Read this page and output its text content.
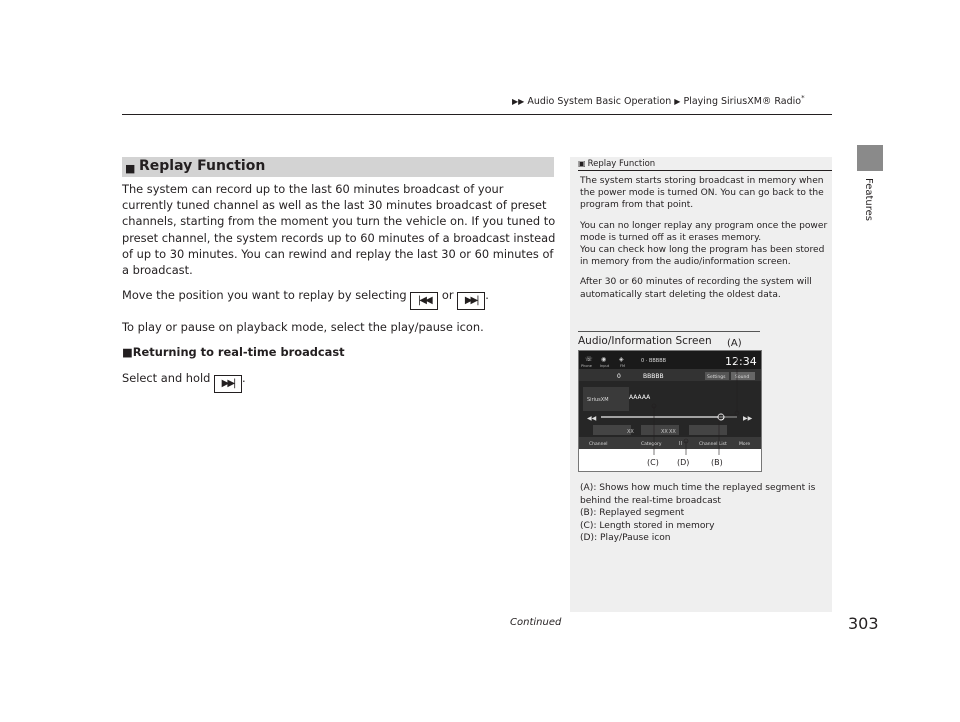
▶▶ Audio System Basic Operation ▶ Playing SiriusXM® Radio*
Features
■ Replay Function

The system can record up to the last 60 minutes broadcast of your currently tuned channel as well as the last 30 minutes broadcast of preset channels, starting from the moment you turn the vehicle on. If you tuned to preset channel, the system records up to 60 minutes of a broadcast instead of up to 30 minutes. You can rewind and replay the last 30 or 60 minutes of a broadcast.

Move the position you want to replay by selecting |◀◀ or ▶▶| .

To play or pause on playback mode, select the play/pause icon.

■Returning to real-time broadcast

Select and hold ▶▶| .

▣ Replay Function

The system starts storing broadcast in memory when the power mode is turned ON. You can go back to the program from that point.

You can no longer replay any program once the power mode is turned off as it erases memory.
You can check how long the program has been stored in memory from the audio/information screen.

After 30 or 60 minutes of recording the system will automatically start deleting the oldest data.

Audio/Information Screen
☏
Phone
◉
Input
◈
FM
0 · BBBBB	12:34
0	BBBBB	Settings Sound
SiriusXM	AAAAA
◀◀	▶▶
XX	XX XX
Channel	Category	II	Channel List	More
(C) (D)	(B)
(A)
(A): Shows how much time the replayed segment is behind the real-time broadcast
(B): Replayed segment
(C): Length stored in memory
(D): Play/Pause icon
Continued	303
